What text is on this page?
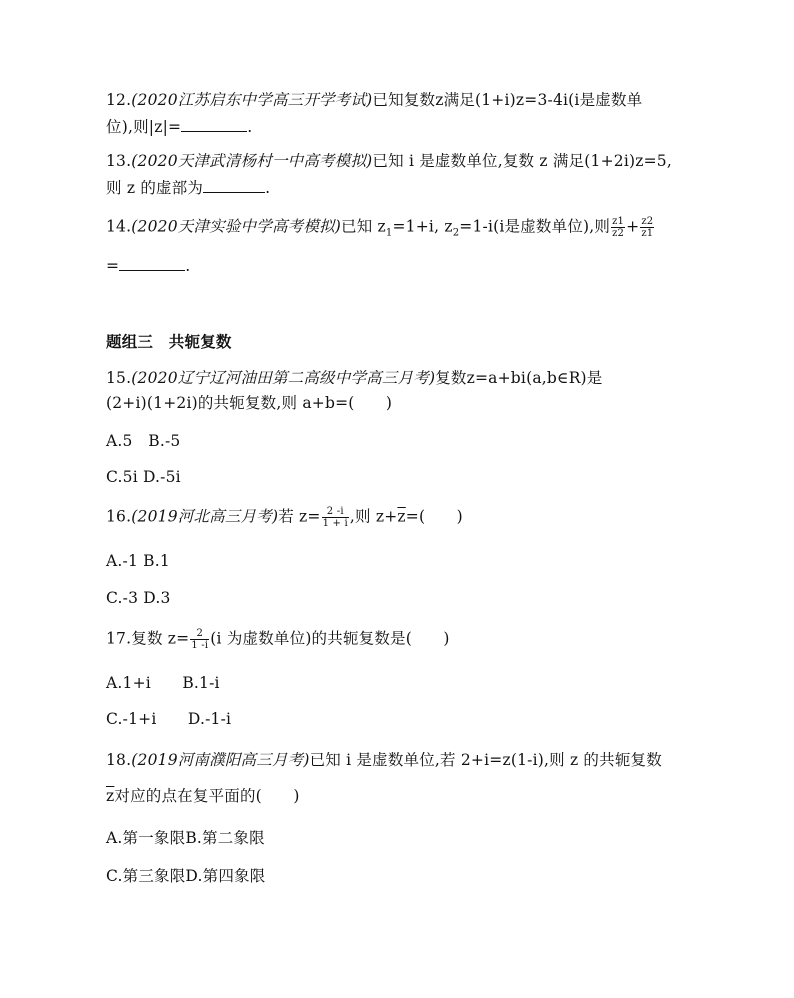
12.(2020江苏启东中学高三开学考试)已知复数z满足(1+i)z=3-4i(i是虚数单
位),则|z|=	.
13.(2020天津武清杨村一中高考模拟)已知 i 是虚数单位,复数 z 满足(1+2i)z=5,
则 z 的虚部为	.
14.(2020天津实验中学高考模拟)已知 $z_1=1+i$, $z_2=1-i(i$是虚数单位),则 $\frac{z1}{z2} + \frac{z2}{z1}$
=	.
题组三　共轭复数
15.(2020辽宁辽河油田第二高级中学高三月考)复数z=a+bi(a,b∈R)是
(2+i)(1+2i)的共轭复数,则 a+b=(　　)
A.5　B.-5
C.5i D.-5i
16.(2019河北高三月考)若 $z= \frac{2 -i}{1 + i}$ ,则 $z+\overline{z}=$(　　)
A.-1 B.1
C.-3 D.3
17.复数 $z= \frac{2}{1 -i} (i$ 为虚数单位)的共轭复数是(　　)
A.1+i　　B.1-i
C.-1+i　　D.-1-i
18.(2019河南濮阳高三月考)已知 i 是虚数单位,若 2+i=z(1-i),则 z 的共轭复数
$\overline{z}$对应的点在复平面的(　　)
A.第一象限B.第二象限
C.第三象限D.第四象限
